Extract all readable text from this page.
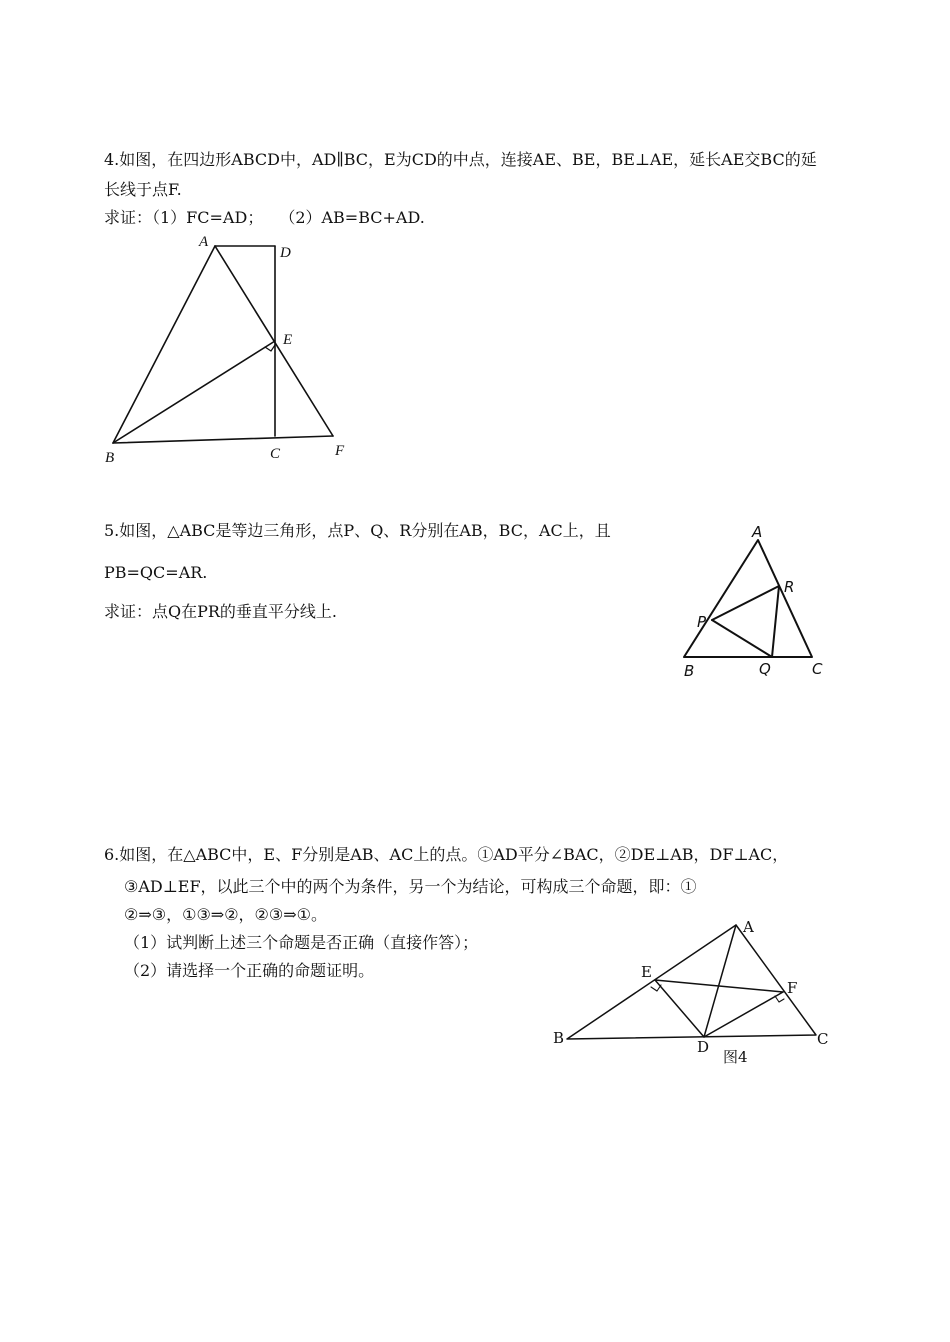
4.如图，在四边形ABCD中，AD∥BC，E为CD的中点，连接AE、BE，BE⊥AE，延长AE交BC的延
长线于点F.
求证：（1）FC=AD；　　（2）AB=BC+AD.
A
D
E
B	C	F
5.如图，△ABC是等边三角形，点P、Q、R分别在AB，BC，AC上，且
PB=QC=AR.
求证：点Q在PR的垂直平分线上.
A
R
P
B	Q	C
6.如图，在△ABC中，E、F分别是AB、AC上的点。①AD平分∠BAC，②DE⊥AB，DF⊥AC，
③AD⊥EF，以此三个中的两个为条件，另一个为结论，可构成三个命题，即：①
②⇒③，①③⇒②，②③⇒①。
（1）试判断上述三个命题是否正确（直接作答）；
（2）请选择一个正确的命题证明。
A
E
F
B	D	C
图4
